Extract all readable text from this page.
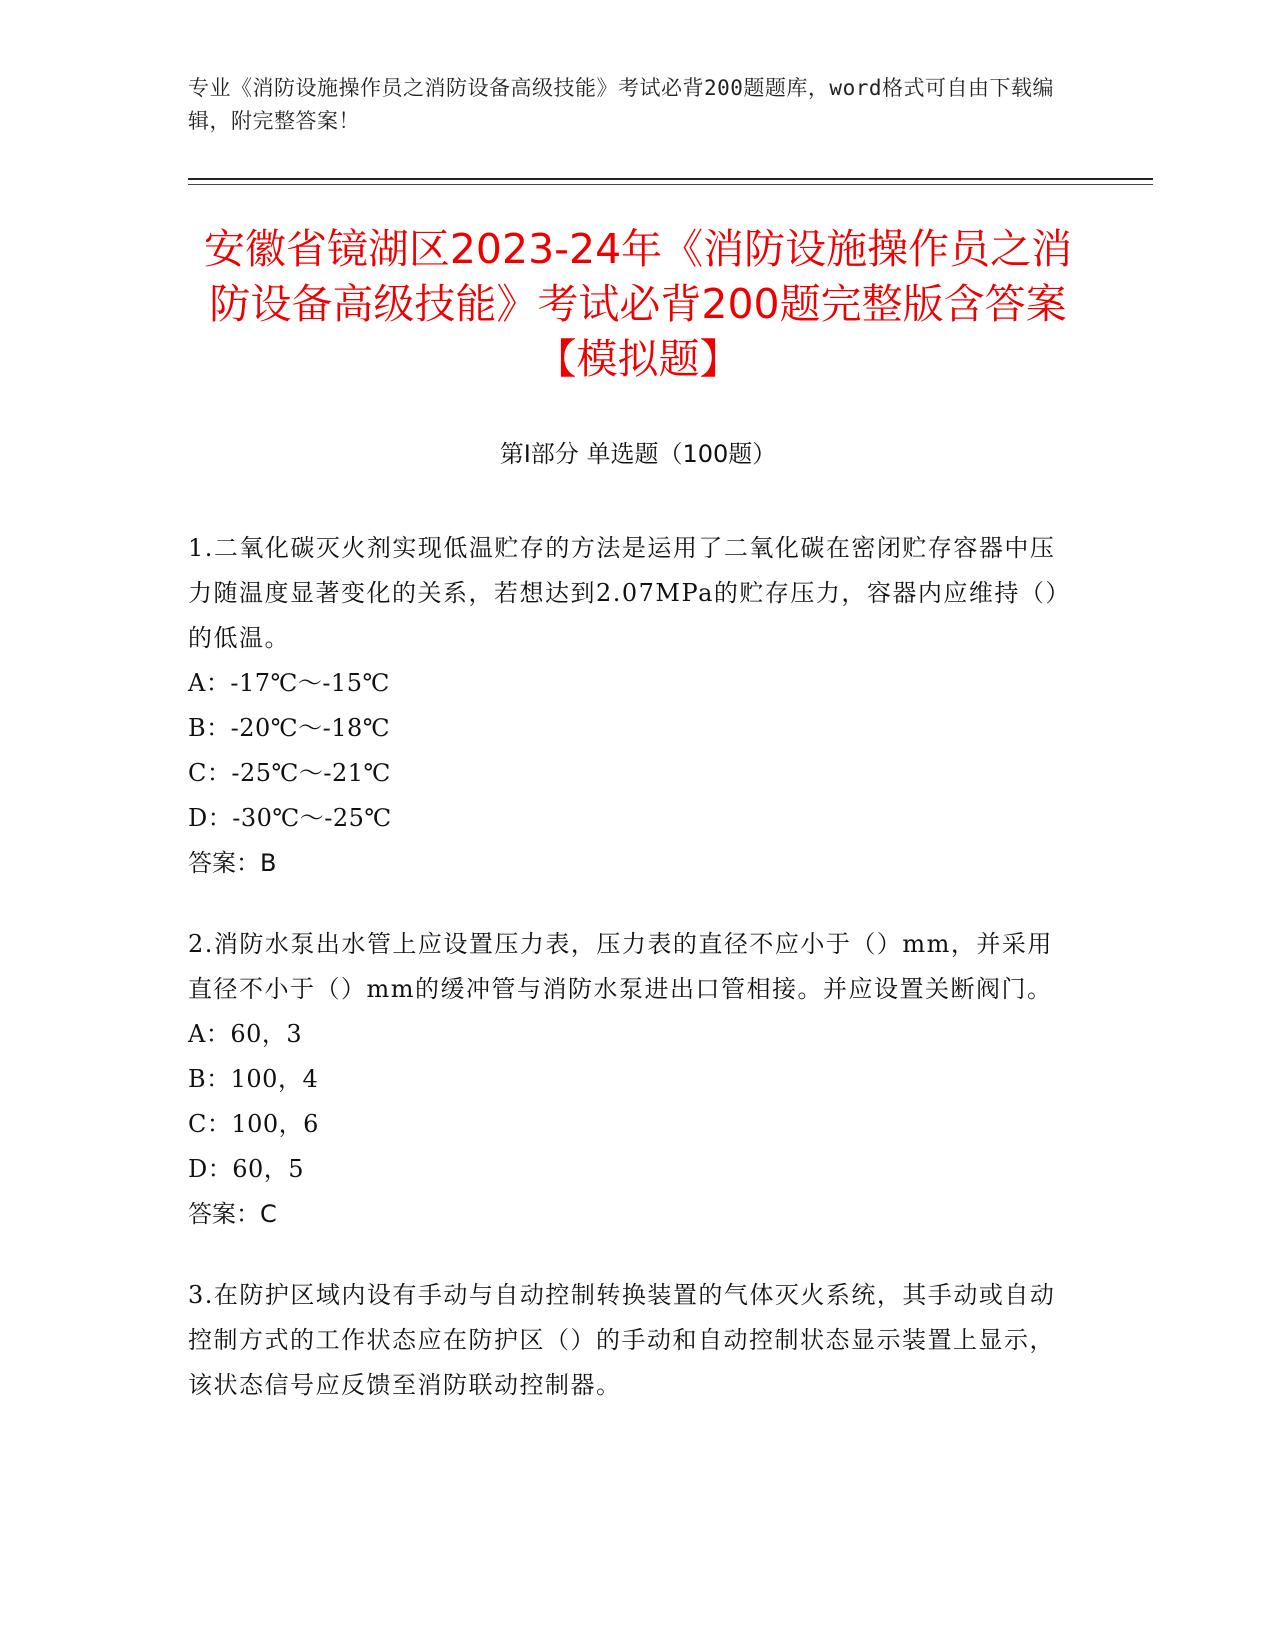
专业《消防设施操作员之消防设备高级技能》考试必背200题题库，word格式可自由下载编辑，附完整答案！
安徽省镜湖区2023-24年《消防设施操作员之消防设备高级技能》考试必背200题完整版含答案【模拟题】
第I部分 单选题（100题）

1.二氧化碳灭火剂实现低温贮存的方法是运用了二氧化碳在密闭贮存容器中压力随温度显著变化的关系，若想达到2.07MPa的贮存压力，容器内应维持（）的低温。

A：-17℃～-15℃

B：-20℃～-18℃

C：-25℃～-21℃

D：-30℃～-25℃

答案：B

2.消防水泵出水管上应设置压力表，压力表的直径不应小于（）mm，并采用直径不小于（）mm的缓冲管与消防水泵进出口管相接。并应设置关断阀门。

A：60，3

B：100，4

C：100，6

D：60，5

答案：C

3.在防护区域内设有手动与自动控制转换装置的气体灭火系统，其手动或自动控制方式的工作状态应在防护区（）的手动和自动控制状态显示装置上显示，该状态信号应反馈至消防联动控制器。
